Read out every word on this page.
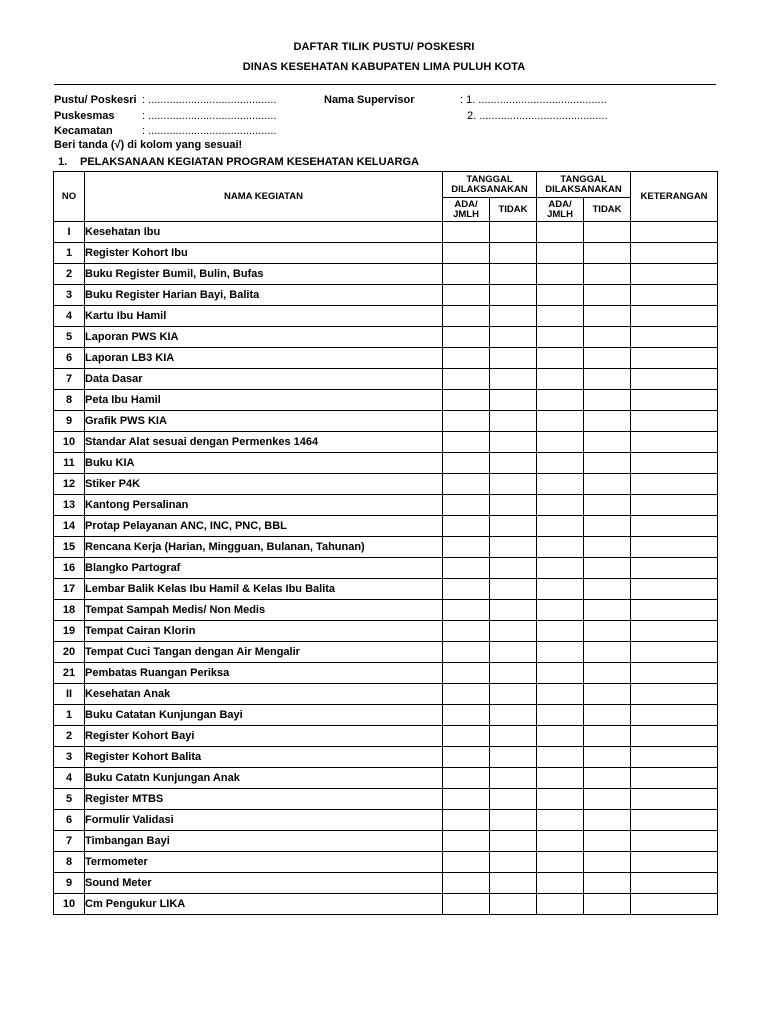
DAFTAR TILIK PUSTU/ POSKESRI
DINAS KESEHATAN KABUPATEN LIMA PULUH KOTA
Pustu/ Poskesri : ..........................................
Puskesmas : ..........................................
Kecamatan	: ..........................................
Nama Supervisor	: 1. ..........................................
2. ..........................................
Beri tanda (√) di kolom yang sesuai!
1. PELAKSANAAN KEGIATAN PROGRAM KESEHATAN KELUARGA
NO	NAMA KEGIATAN	TANGGAL DILAKSANAKAN		TANGGAL DILAKSANAKAN		KETERANGAN
		ADA/ JMLH	TIDAK	ADA/ JMLH	TIDAK	
I	Kesehatan Ibu					
1	Register Kohort Ibu					
2	Buku Register Bumil, Bulin, Bufas					
3	Buku Register Harian Bayi, Balita					
4	Kartu Ibu Hamil					
5	Laporan PWS KIA					
6	Laporan LB3 KIA					
7	Data Dasar					
8	Peta Ibu Hamil					
9	Grafik PWS KIA					
10	Standar Alat sesuai dengan Permenkes 1464					
11	Buku KIA					
12	Stiker P4K					
13	Kantong Persalinan					
14	Protap Pelayanan ANC, INC, PNC, BBL					
15	Rencana Kerja (Harian, Mingguan, Bulanan, Tahunan)					
16	Blangko Partograf					
17	Lembar Balik Kelas Ibu Hamil & Kelas Ibu Balita					
18	Tempat Sampah Medis/ Non Medis					
19	Tempat Cairan Klorin					
20	Tempat Cuci Tangan dengan Air Mengalir					
21	Pembatas Ruangan Periksa					
II	Kesehatan Anak					
1	Buku Catatan Kunjungan Bayi					
2	Register Kohort Bayi					
3	Register Kohort Balita					
4	Buku Catatn Kunjungan Anak					
5	Register MTBS					
6	Formulir Validasi					
7	Timbangan Bayi					
8	Termometer					
9	Sound Meter					
10	Cm Pengukur LIKA					
